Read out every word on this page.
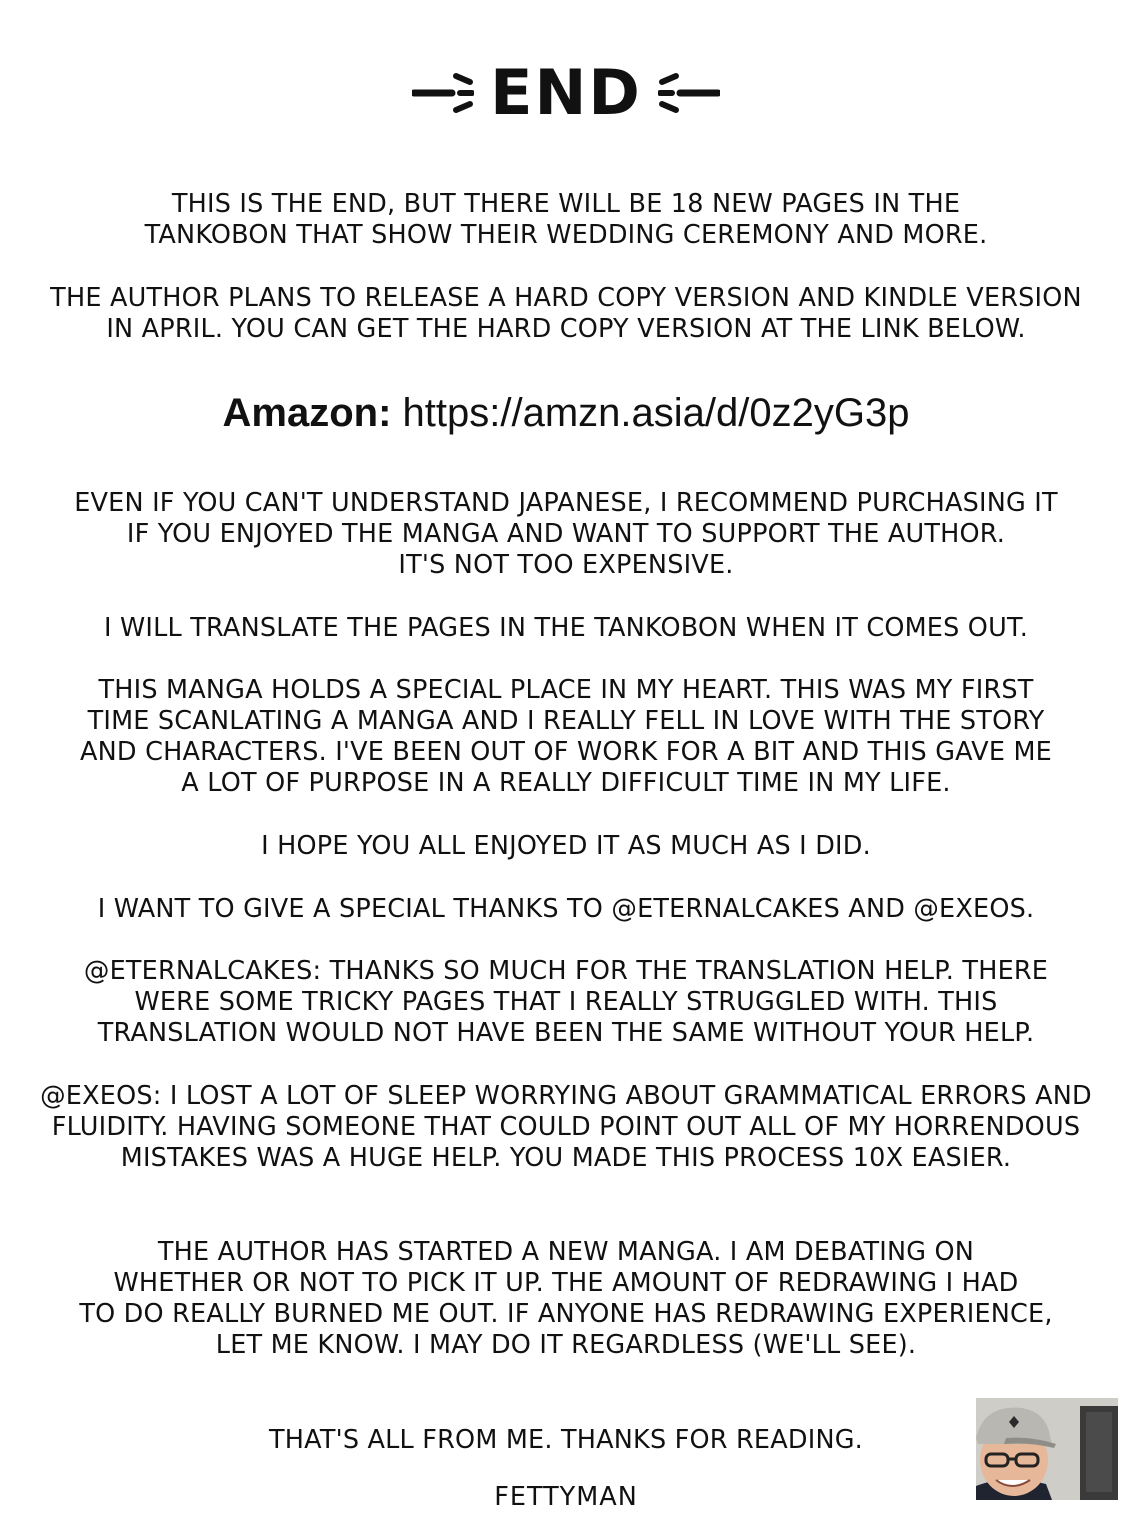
END
THIS IS THE END, BUT THERE WILL BE 18 NEW PAGES IN THE
TANKOBON THAT SHOW THEIR WEDDING CEREMONY AND MORE.
THE AUTHOR PLANS TO RELEASE A HARD COPY VERSION AND KINDLE VERSION
IN APRIL. YOU CAN GET THE HARD COPY VERSION AT THE LINK BELOW.
Amazon: https://amzn.asia/d/0z2yG3p
EVEN IF YOU CAN'T UNDERSTAND JAPANESE, I RECOMMEND PURCHASING IT
IF YOU ENJOYED THE MANGA AND WANT TO SUPPORT THE AUTHOR.
IT'S NOT TOO EXPENSIVE.
I WILL TRANSLATE THE PAGES IN THE TANKOBON WHEN IT COMES OUT.
THIS MANGA HOLDS A SPECIAL PLACE IN MY HEART. THIS WAS MY FIRST
TIME SCANLATING A MANGA AND I REALLY FELL IN LOVE WITH THE STORY
AND CHARACTERS. I'VE BEEN OUT OF WORK FOR A BIT AND THIS GAVE ME
A LOT OF PURPOSE IN A REALLY DIFFICULT TIME IN MY LIFE.
I HOPE YOU ALL ENJOYED IT AS MUCH AS I DID.
I WANT TO GIVE A SPECIAL THANKS TO @ETERNALCAKES AND @EXEOS.
@ETERNALCAKES: THANKS SO MUCH FOR THE TRANSLATION HELP. THERE
WERE SOME TRICKY PAGES THAT I REALLY STRUGGLED WITH. THIS
TRANSLATION WOULD NOT HAVE BEEN THE SAME WITHOUT YOUR HELP.
@EXEOS: I LOST A LOT OF SLEEP WORRYING ABOUT GRAMMATICAL ERRORS AND
FLUIDITY. HAVING SOMEONE THAT COULD POINT OUT ALL OF MY HORRENDOUS
MISTAKES WAS A HUGE HELP. YOU MADE THIS PROCESS 10X EASIER.
THE AUTHOR HAS STARTED A NEW MANGA. I AM DEBATING ON
WHETHER OR NOT TO PICK IT UP. THE AMOUNT OF REDRAWING I HAD
TO DO REALLY BURNED ME OUT. IF ANYONE HAS REDRAWING EXPERIENCE,
LET ME KNOW. I MAY DO IT REGARDLESS (WE'LL SEE).
THAT'S ALL FROM ME. THANKS FOR READING.
FETTYMAN
